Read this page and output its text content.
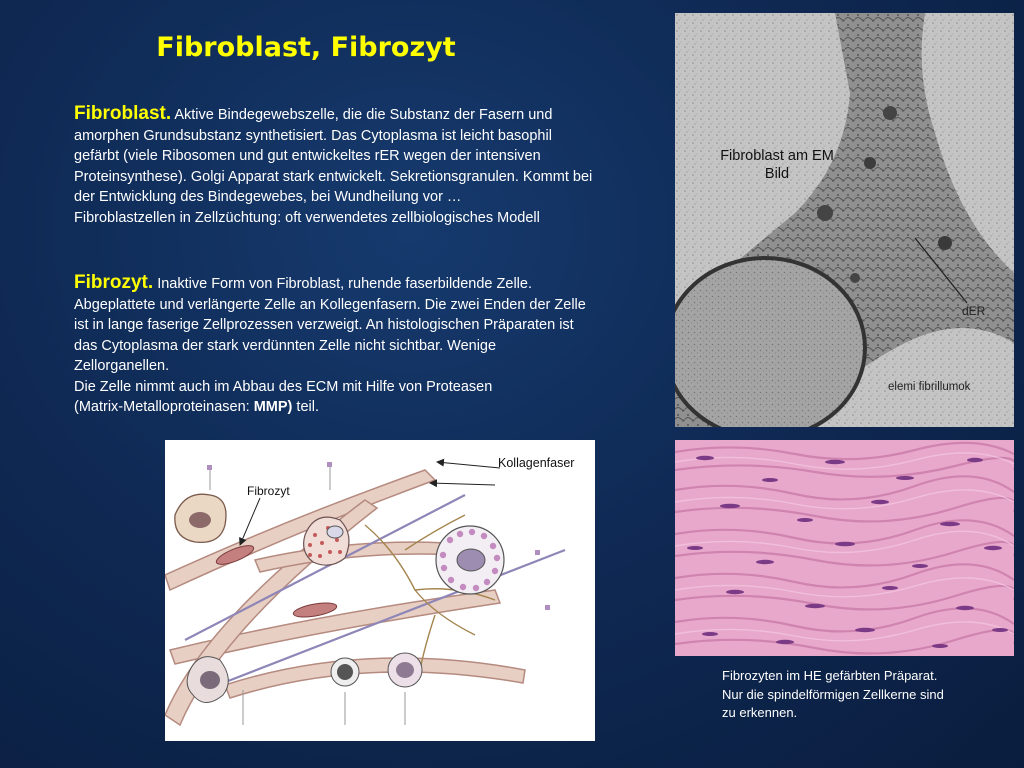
Fibroblast, Fibrozyt
Fibroblast. Aktive Bindegewebszelle, die die Substanz der Fasern und amorphen Grundsubstanz synthetisiert. Das Cytoplasma ist leicht basophil gefärbt (viele Ribosomen und gut entwickeltes rER wegen der intensiven Proteinsynthese). Golgi Apparat stark entwickelt. Sekretionsgranulen. Kommt bei der Entwicklung des Bindegewebes, bei Wundheilung vor …
Fibroblastzellen in Zellzüchtung: oft verwendetes zellbiologisches Modell
Fibrozyt. Inaktive Form von Fibroblast, ruhende faserbildende Zelle. Abgeplattete und verlängerte Zelle an Kollegenfasern. Die zwei Enden der Zelle ist in lange faserige Zellprozessen verzweigt. An histologischen Präparaten ist das Cytoplasma der stark verdünnten Zelle nicht sichtbar. Wenige Zellorganellen.
Die Zelle nimmt auch im Abbau des ECM mit Hilfe von Proteasen
(Matrix-Metalloproteinasen: MMP) teil.
Fibroblast am EM
Bild
dER
elemi fibrillumok
Fibrozyten im HE gefärbten Präparat.
Nur die spindelförmigen Zellkerne sind
zu erkennen.
Kollagenfaser
Fibrozyt
